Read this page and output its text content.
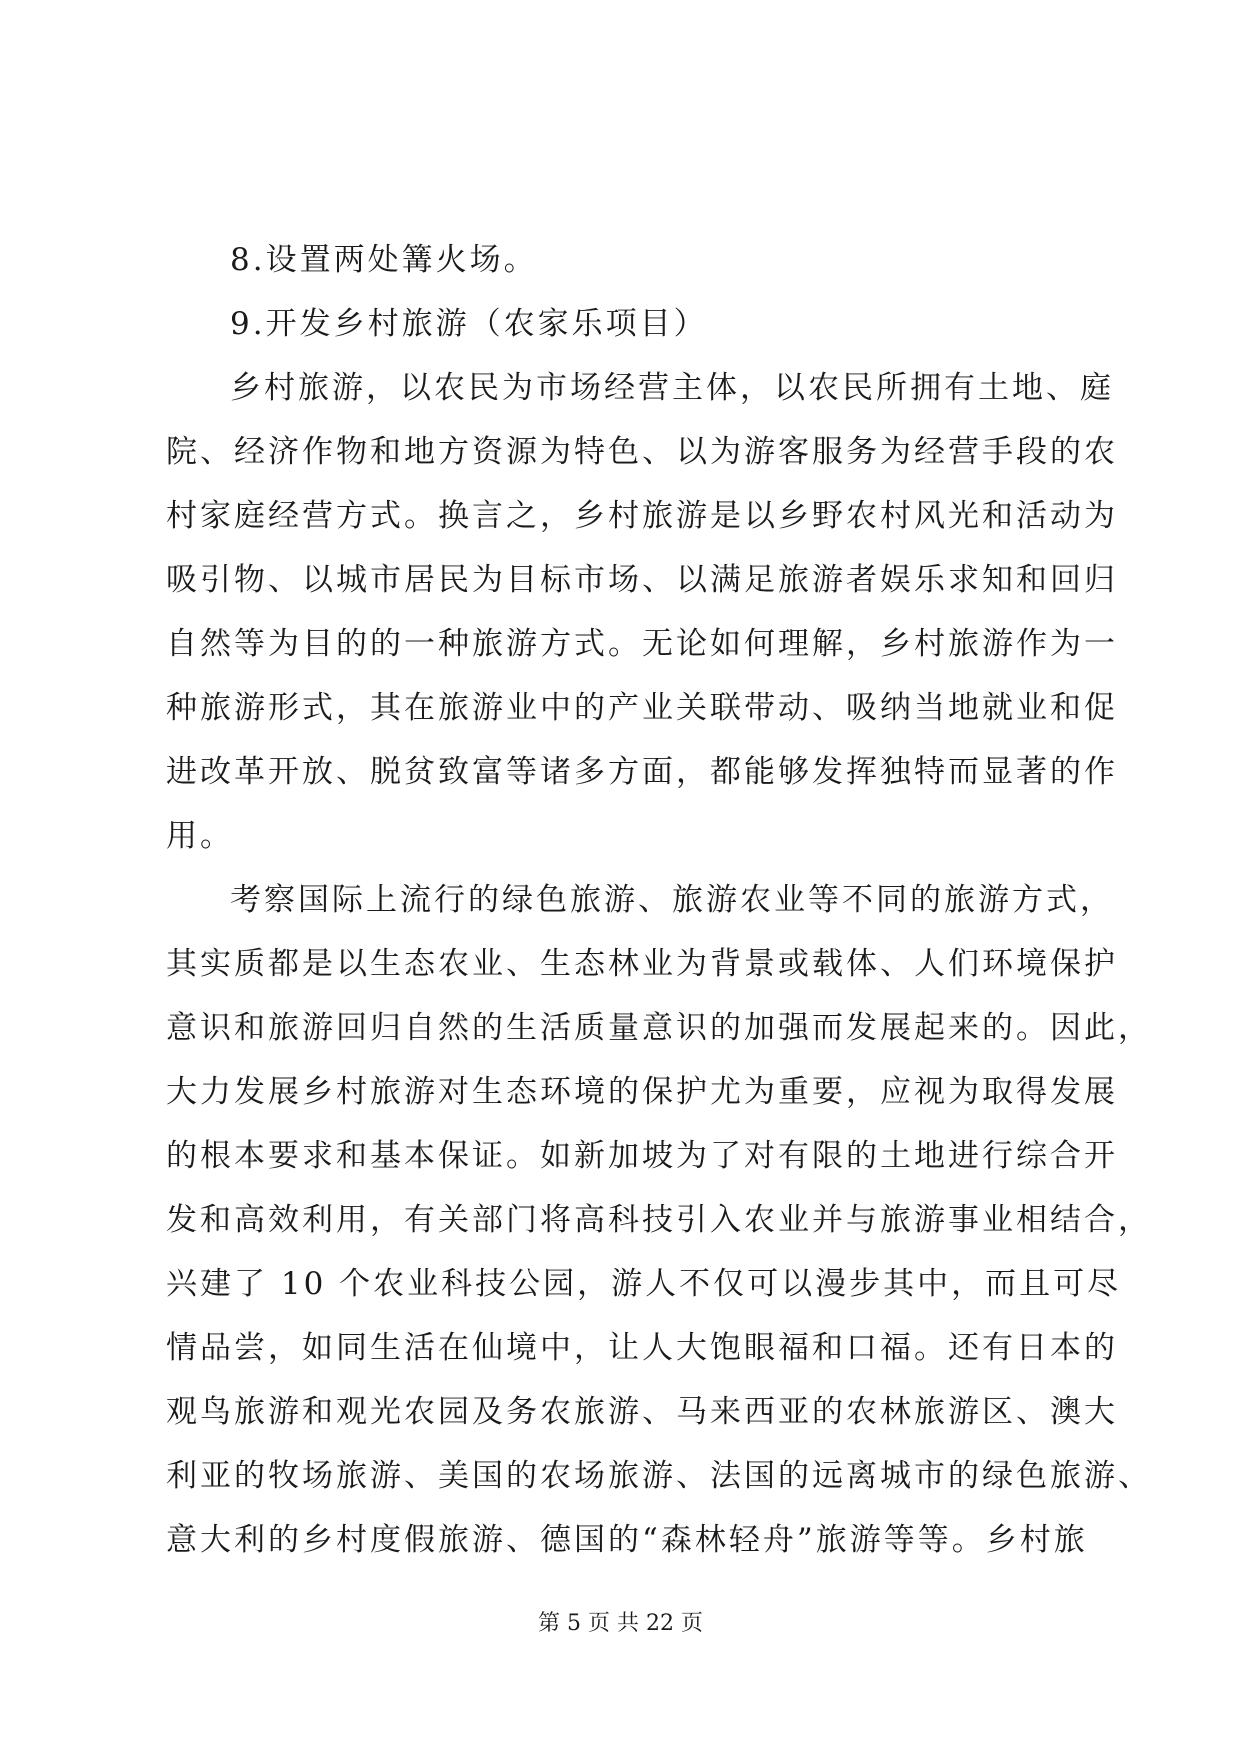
8.设置两处篝火场。
9.开发乡村旅游（农家乐项目）
乡村旅游，以农民为市场经营主体，以农民所拥有土地、庭
院、经济作物和地方资源为特色、以为游客服务为经营手段的农
村家庭经营方式。换言之，乡村旅游是以乡野农村风光和活动为
吸引物、以城市居民为目标市场、以满足旅游者娱乐求知和回归
自然等为目的的一种旅游方式。无论如何理解，乡村旅游作为一
种旅游形式，其在旅游业中的产业关联带动、吸纳当地就业和促
进改革开放、脱贫致富等诸多方面，都能够发挥独特而显著的作
用。
考察国际上流行的绿色旅游、旅游农业等不同的旅游方式，
其实质都是以生态农业、生态林业为背景或载体、人们环境保护
意识和旅游回归自然的生活质量意识的加强而发展起来的。因此，
大力发展乡村旅游对生态环境的保护尤为重要，应视为取得发展
的根本要求和基本保证。如新加坡为了对有限的土地进行综合开
发和高效利用，有关部门将高科技引入农业并与旅游事业相结合，
兴建了 10 个农业科技公园，游人不仅可以漫步其中，而且可尽
情品尝，如同生活在仙境中，让人大饱眼福和口福。还有日本的
观鸟旅游和观光农园及务农旅游、马来西亚的农林旅游区、澳大
利亚的牧场旅游、美国的农场旅游、法国的远离城市的绿色旅游、
意大利的乡村度假旅游、德国的“森林轻舟”旅游等等。乡村旅
第 5 页 共 22 页
